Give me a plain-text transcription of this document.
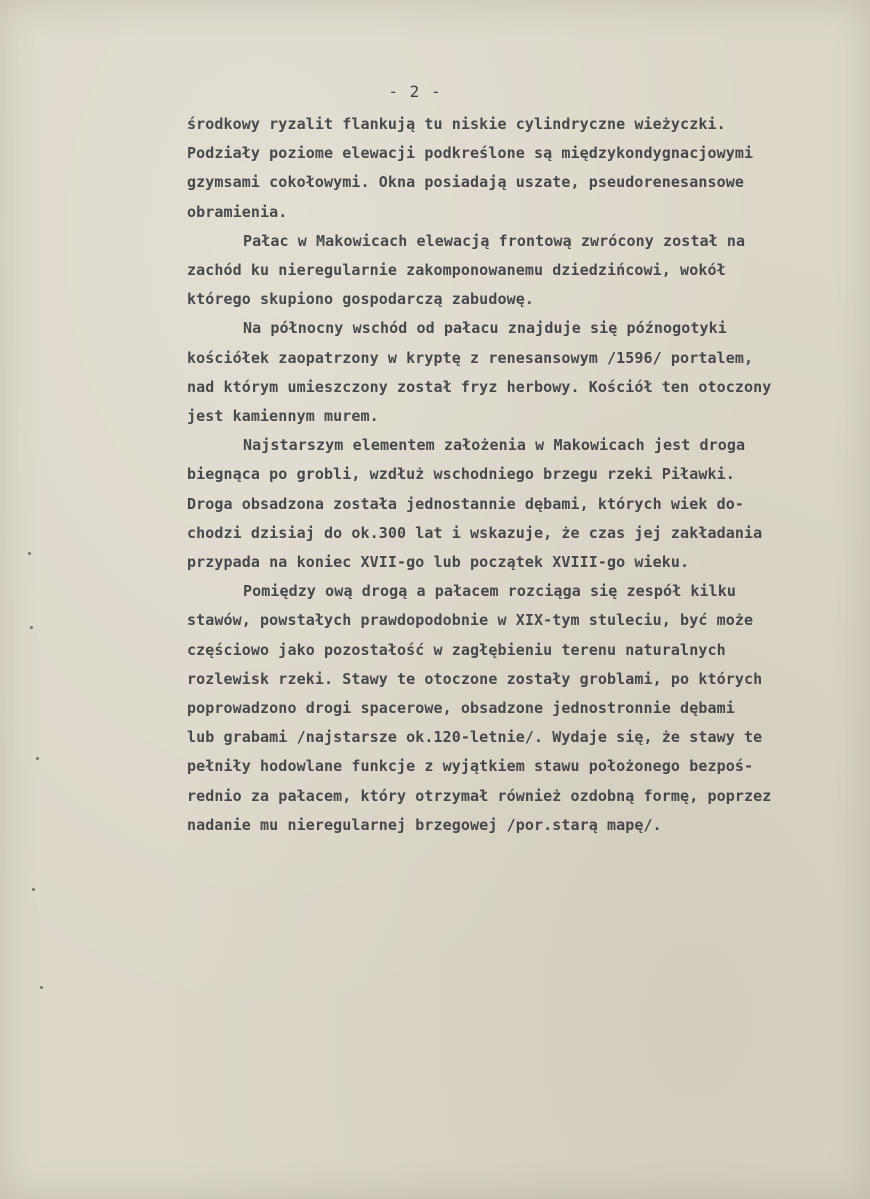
- 2 -
środkowy ryzalit flankują tu niskie cylindryczne wieżyczki.
Podziały poziome elewacji podkreślone są międzykondygnacjowymi
gzymsami cokołowymi. Okna posiadają uszate, pseudorenesansowe
obramienia.
Pałac w Makowicach elewacją frontową zwrócony został na
zachód ku nieregularnie zakomponowanemu dziedzińcowi, wokół
którego skupiono gospodarczą zabudowę.
Na północny wschód od pałacu znajduje się późnogotyki
kościółek zaopatrzony w kryptę z renesansowym /1596/ portalem,
nad którym umieszczony został fryz herbowy. Kościół ten otoczony
jest kamiennym murem.
Najstarszym elementem założenia w Makowicach jest droga
biegnąca po grobli, wzdłuż wschodniego brzegu rzeki Piławki.
Droga obsadzona została jednostannie dębami, których wiek do-
chodzi dzisiaj do ok.300 lat i wskazuje, że czas jej zakładania
przypada na koniec XVII-go lub początek XVIII-go wieku.
Pomiędzy ową drogą a pałacem rozciąga się zespół kilku
stawów, powstałych prawdopodobnie w XIX-tym stuleciu, być może
częściowo jako pozostałość w zagłębieniu terenu naturalnych
rozlewisk rzeki. Stawy te otoczone zostały groblami, po których
poprowadzono drogi spacerowe, obsadzone jednostronnie dębami
lub grabami /najstarsze ok.120-letnie/. Wydaje się, że stawy te
pełniły hodowlane funkcje z wyjątkiem stawu położonego bezpoś-
rednio za pałacem, który otrzymał również ozdobną formę, poprzez
nadanie mu nieregularnej brzegowej /por.starą mapę/.
